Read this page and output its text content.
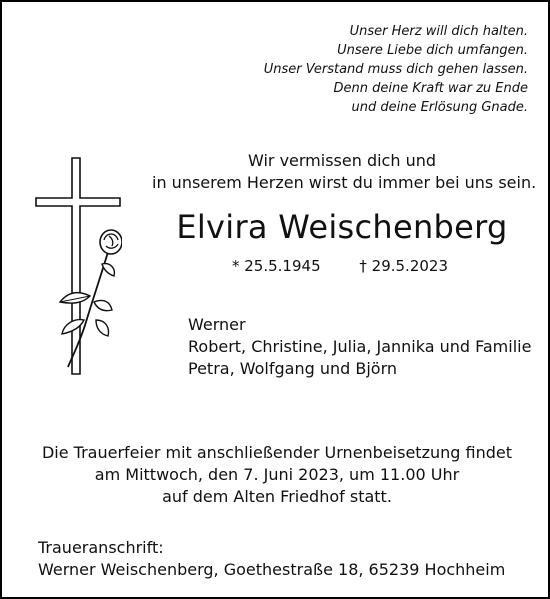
Unser Herz will dich halten.
Unsere Liebe dich umfangen.
Unser Verstand muss dich gehen lassen.
Denn deine Kraft war zu Ende
und deine Erlösung Gnade.
Wir vermissen dich und
in unserem Herzen wirst du immer bei uns sein.
Elvira Weischenberg
* 25.5.1945	† 29.5.2023
Werner
Robert, Christine, Julia, Jannika und Familie
Petra, Wolfgang und Björn
Die Trauerfeier mit anschließender Urnenbeisetzung findet
am Mittwoch, den 7. Juni 2023, um 11.00 Uhr
auf dem Alten Friedhof statt.
Traueranschrift:
Werner Weischenberg, Goethestraße 18, 65239 Hochheim
